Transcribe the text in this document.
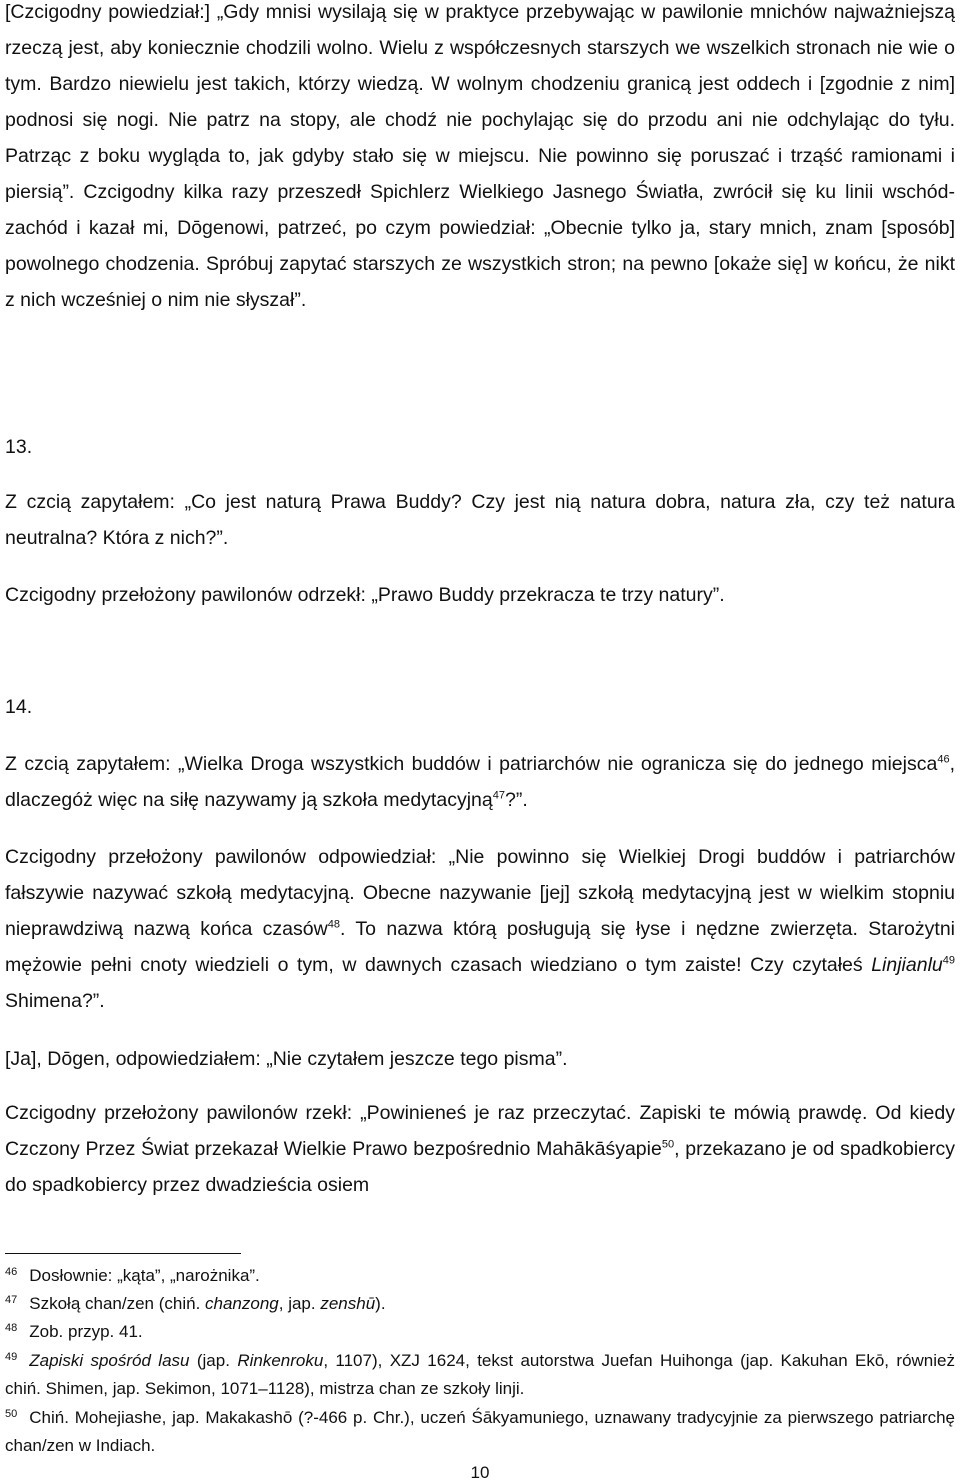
[Czcigodny powiedział:] „Gdy mnisi wysilają się w praktyce przebywając w pawilonie mnichów najważniejszą rzeczą jest, aby koniecznie chodzili wolno. Wielu z współczesnych starszych we wszelkich stronach nie wie o tym. Bardzo niewielu jest takich, którzy wiedzą. W wolnym chodzeniu granicą jest oddech i [zgodnie z nim] podnosi się nogi. Nie patrz na stopy, ale chodź nie pochylając się do przodu ani nie odchylając do tyłu. Patrząc z boku wygląda to, jak gdyby stało się w miejscu. Nie powinno się poruszać i trząść ramionami i piersią”. Czcigodny kilka razy przeszedł Spichlerz Wielkiego Jasnego Światła, zwrócił się ku linii wschód-zachód i kazał mi, Dōgenowi, patrzeć, po czym powiedział: „Obecnie tylko ja, stary mnich, znam [sposób] powolnego chodzenia. Spróbuj zapytać starszych ze wszystkich stron; na pewno [okaże się] w końcu, że nikt z nich wcześniej o nim nie słyszał”.

13.

Z czcią zapytałem: „Co jest naturą Prawa Buddy? Czy jest nią natura dobra, natura zła, czy też natura neutralna? Która z nich?”.

Czcigodny przełożony pawilonów odrzekł: „Prawo Buddy przekracza te trzy natury”.

14.

Z czcią zapytałem: „Wielka Droga wszystkich buddów i patriarchów nie ogranicza się do jednego miejsca$^{46}$, dlaczegóż więc na siłę nazywamy ją szkoła medytacyjną$^{47}$?”.

Czcigodny przełożony pawilonów odpowiedział: „Nie powinno się Wielkiej Drogi buddów i patriarchów fałszywie nazywać szkołą medytacyjną. Obecne nazywanie [jej] szkołą medytacyjną jest w wielkim stopniu nieprawdziwą nazwą końca czasów$^{48}$. To nazwa którą posługują się łyse i nędzne zwierzęta. Starożytni mężowie pełni cnoty wiedzieli o tym, w dawnych czasach wiedziano o tym zaiste! Czy czytałeś Linjianlu$^{49}$ Shimena?”.

[Ja], Dōgen, odpowiedziałem: „Nie czytałem jeszcze tego pisma”.

Czcigodny przełożony pawilonów rzekł: „Powinieneś je raz przeczytać. Zapiski te mówią prawdę. Od kiedy Czczony Przez Świat przekazał Wielkie Prawo bezpośrednio Mahākāśyapie$^{50}$, przekazano je od spadkobiercy do spadkobiercy przez dwadzieścia osiem

$^{46}$ Dosłownie: „kąta”, „narożnika”.

$^{47}$ Szkołą chan/zen (chiń. chanzong, jap. zenshū).

$^{48}$ Zob. przyp. 41.

$^{49}$ Zapiski spośród lasu (jap. Rinkenroku, 1107), XZJ 1624, tekst autorstwa Juefan Huihonga (jap. Kakuhan Ekō, również chiń. Shimen, jap. Sekimon, 1071–1128), mistrza chan ze szkoły linji.

$^{50}$ Chiń. Mohejiashe, jap. Makakashō (?-466 p. Chr.), uczeń Śākyamuniego, uznawany tradycyjnie za pierwszego patriarchę chan/zen w Indiach.

10
